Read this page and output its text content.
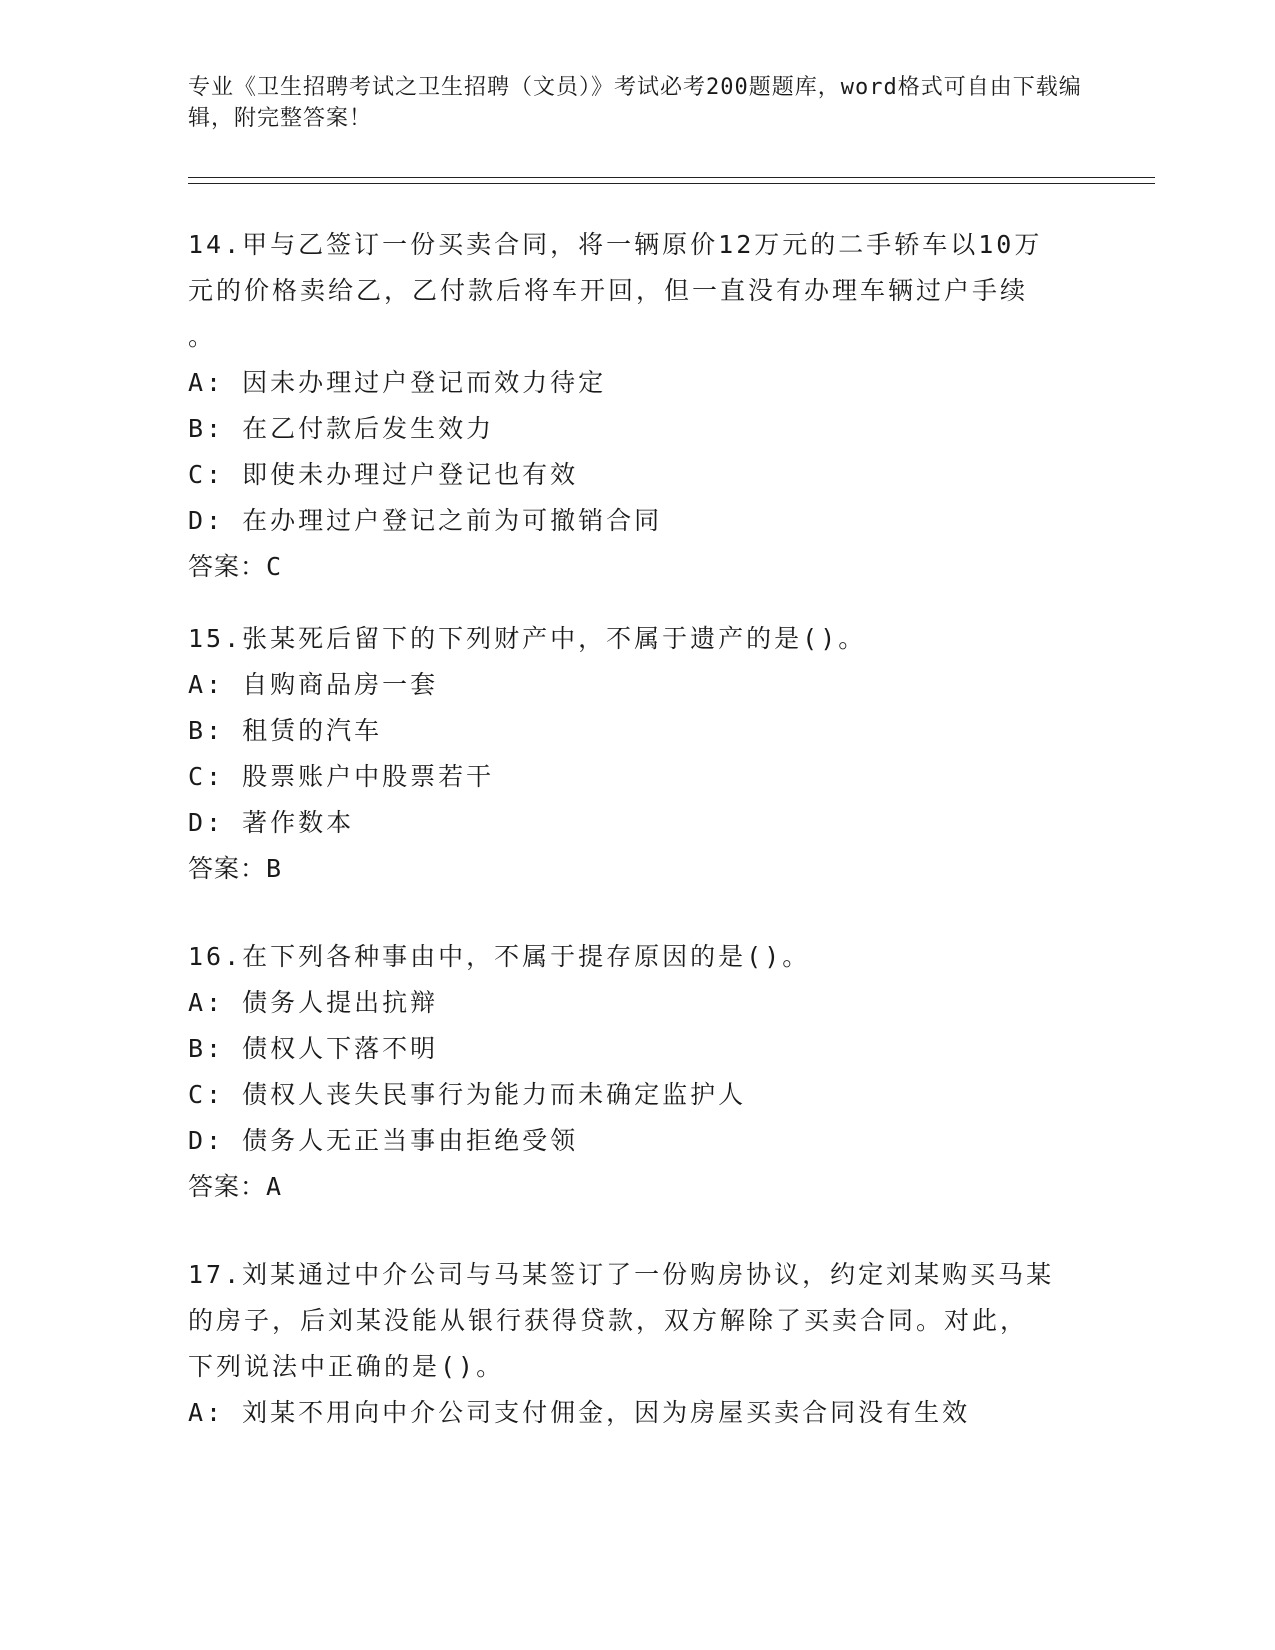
专业《卫生招聘考试之卫生招聘（文员）》考试必考200题题库，word格式可自由下载编辑，附完整答案！
14.甲与乙签订一份买卖合同，将一辆原价12万元的二手轿车以10万
元的价格卖给乙，乙付款后将车开回，但一直没有办理车辆过户手续
。
A: 因未办理过户登记而效力待定
B: 在乙付款后发生效力
C: 即使未办理过户登记也有效
D: 在办理过户登记之前为可撤销合同
答案：C
15.张某死后留下的下列财产中，不属于遗产的是()。
A: 自购商品房一套
B: 租赁的汽车
C: 股票账户中股票若干
D: 著作数本
答案：B
16.在下列各种事由中，不属于提存原因的是()。
A: 债务人提出抗辩
B: 债权人下落不明
C: 债权人丧失民事行为能力而未确定监护人
D: 债务人无正当事由拒绝受领
答案：A
17.刘某通过中介公司与马某签订了一份购房协议，约定刘某购买马某
的房子，后刘某没能从银行获得贷款，双方解除了买卖合同。对此，
下列说法中正确的是()。
A: 刘某不用向中介公司支付佣金，因为房屋买卖合同没有生效
